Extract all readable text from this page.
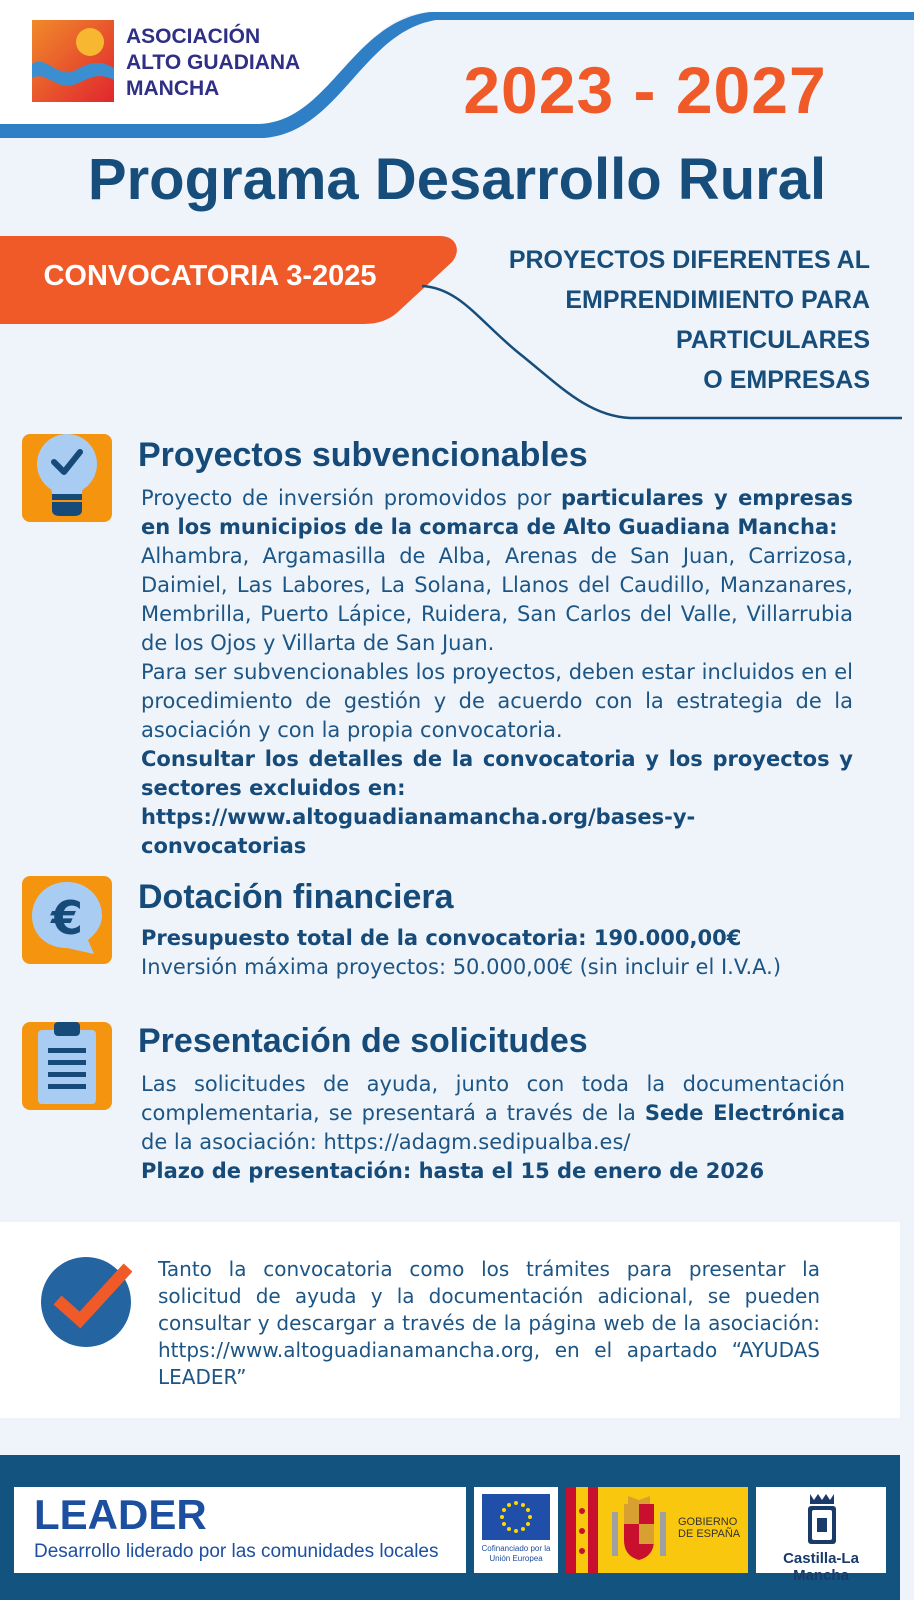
ASOCIACIÓN
ALTO GUADIANA
MANCHA	2023 - 2027
Programa Desarrollo Rural
CONVOCATORIA 3-2025	PROYECTOS DIFERENTES AL
EMPRENDIMIENTO PARA
PARTICULARES
O EMPRESAS
Proyectos subvencionables
Proyecto de inversión promovidos por particulares y empresas en los municipios de la comarca de Alto Guadiana Mancha:
Alhambra, Argamasilla de Alba, Arenas de San Juan, Carrizosa, Daimiel, Las Labores, La Solana, Llanos del Caudillo, Manzanares, Membrilla, Puerto Lápice, Ruidera, San Carlos del Valle, Villarrubia de los Ojos y Villarta de San Juan.
Para ser subvencionables los proyectos, deben estar incluidos en el procedimiento de gestión y de acuerdo con la estrategia de la asociación y con la propia convocatoria.
Consultar los detalles de la convocatoria y los proyectos y sectores excluidos en:
https://www.altoguadianamancha.org/bases-y-convocatorias
€ Dotación financiera
Presupuesto total de la convocatoria: 190.000,00€
Inversión máxima proyectos: 50.000,00€ (sin incluir el I.V.A.)
Presentación de solicitudes
Las solicitudes de ayuda, junto con toda la documentación complementaria, se presentará a través de la Sede Electrónica de la asociación: https://adagm.sedipualba.es/
Plazo de presentación: hasta el 15 de enero de 2026
Tanto la convocatoria como los trámites para presentar la solicitud de ayuda y la documentación adicional, se pueden consultar y descargar a través de la página web de la asociación: https://www.altoguadianamancha.org, en el apartado “AYUDAS LEADER”
LEADER
Desarrollo liderado por las comunidades locales	Cofinanciado por la Unión Europea
GOBIERNO
DE ESPAÑA
Castilla-La Mancha
